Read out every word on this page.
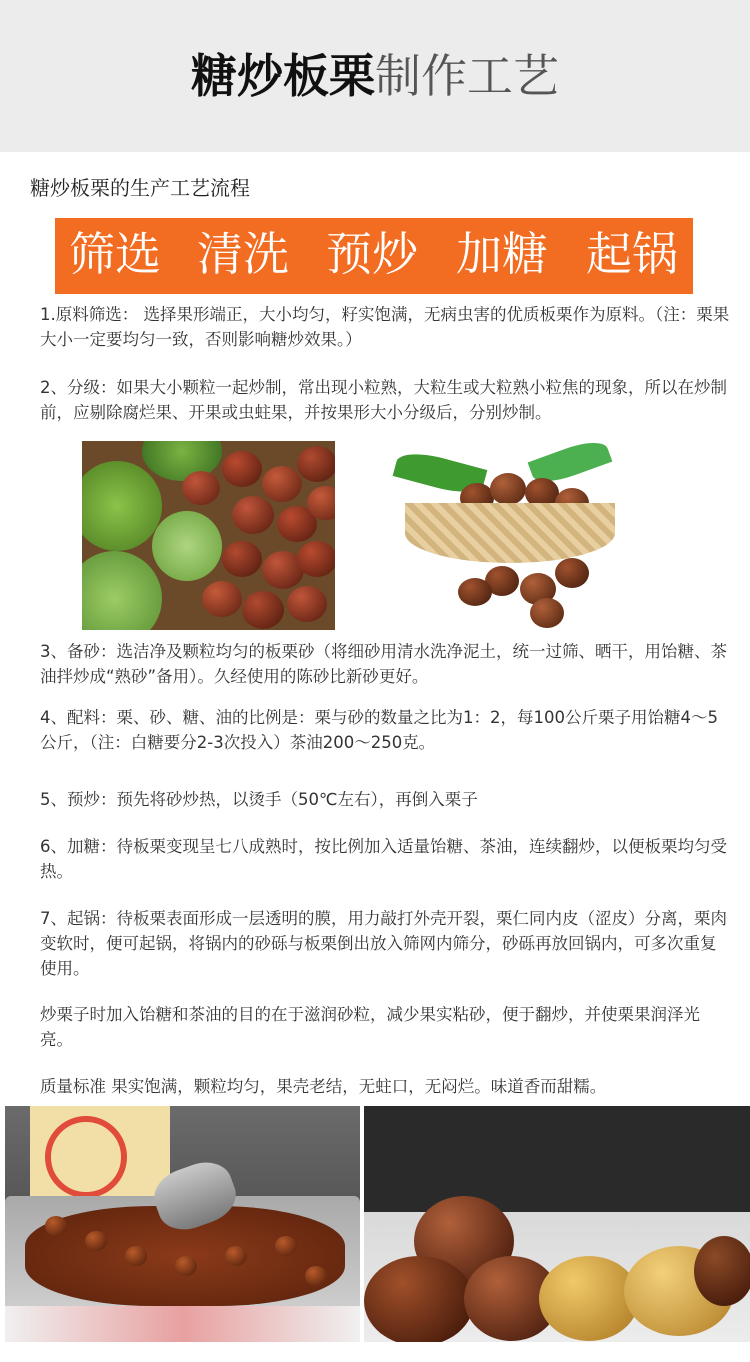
糖炒板栗制作工艺
糖炒板栗的生产工艺流程
筛选 清洗 预炒 加糖 起锅

1.原料筛选： 选择果形端正，大小均匀，籽实饱满，无病虫害的优质板栗作为原料。（注：栗果大小一定要均匀一致，否则影响糖炒效果。）

2、分级：如果大小颗粒一起炒制，常出现小粒熟，大粒生或大粒熟小粒焦的现象，所以在炒制前，应剔除腐烂果、开果或虫蛀果，并按果形大小分级后，分别炒制。

3、备砂：选洁净及颗粒均匀的板栗砂（将细砂用清水洗净泥土，统一过筛、晒干，用饴糖、茶油拌炒成“熟砂”备用）。久经使用的陈砂比新砂更好。

4、配料：栗、砂、糖、油的比例是：栗与砂的数量之比为1：2，每100公斤栗子用饴糖4～5公斤，（注：白糖要分2-3次投入）茶油200～250克。

5、预炒：预先将砂炒热，以烫手（50℃左右），再倒入栗子

6、加糖：待板栗变现呈七八成熟时，按比例加入适量饴糖、茶油，连续翻炒，以便板栗均匀受热。

7、起锅：待板栗表面形成一层透明的膜，用力敲打外壳开裂，栗仁同内皮（涩皮）分离，栗肉变软时，便可起锅，将锅内的砂砾与板栗倒出放入筛网内筛分，砂砾再放回锅内，可多次重复使用。

炒栗子时加入饴糖和茶油的目的在于滋润砂粒，减少果实粘砂，便于翻炒，并使栗果润泽光亮。

质量标准 果实饱满，颗粒均匀，果壳老结，无蛀口，无闷烂。味道香而甜糯。
